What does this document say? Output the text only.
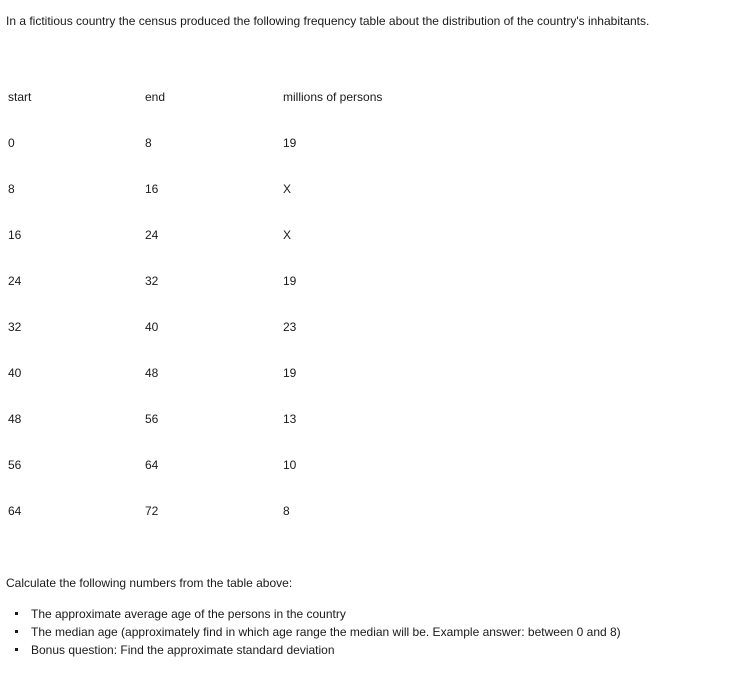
In a fictitious country the census produced the following frequency table about the distribution of the country's inhabitants.
start	end	millions of persons
0	8	19
8	16	X
16	24	X
24	32	19
32	40	23
40	48	19
48	56	13
56	64	10
64	72	8
Calculate the following numbers from the table above:
The approximate average age of the persons in the country
The median age (approximately find in which age range the median will be. Example answer: between 0 and 8)
Bonus question: Find the approximate standard deviation
